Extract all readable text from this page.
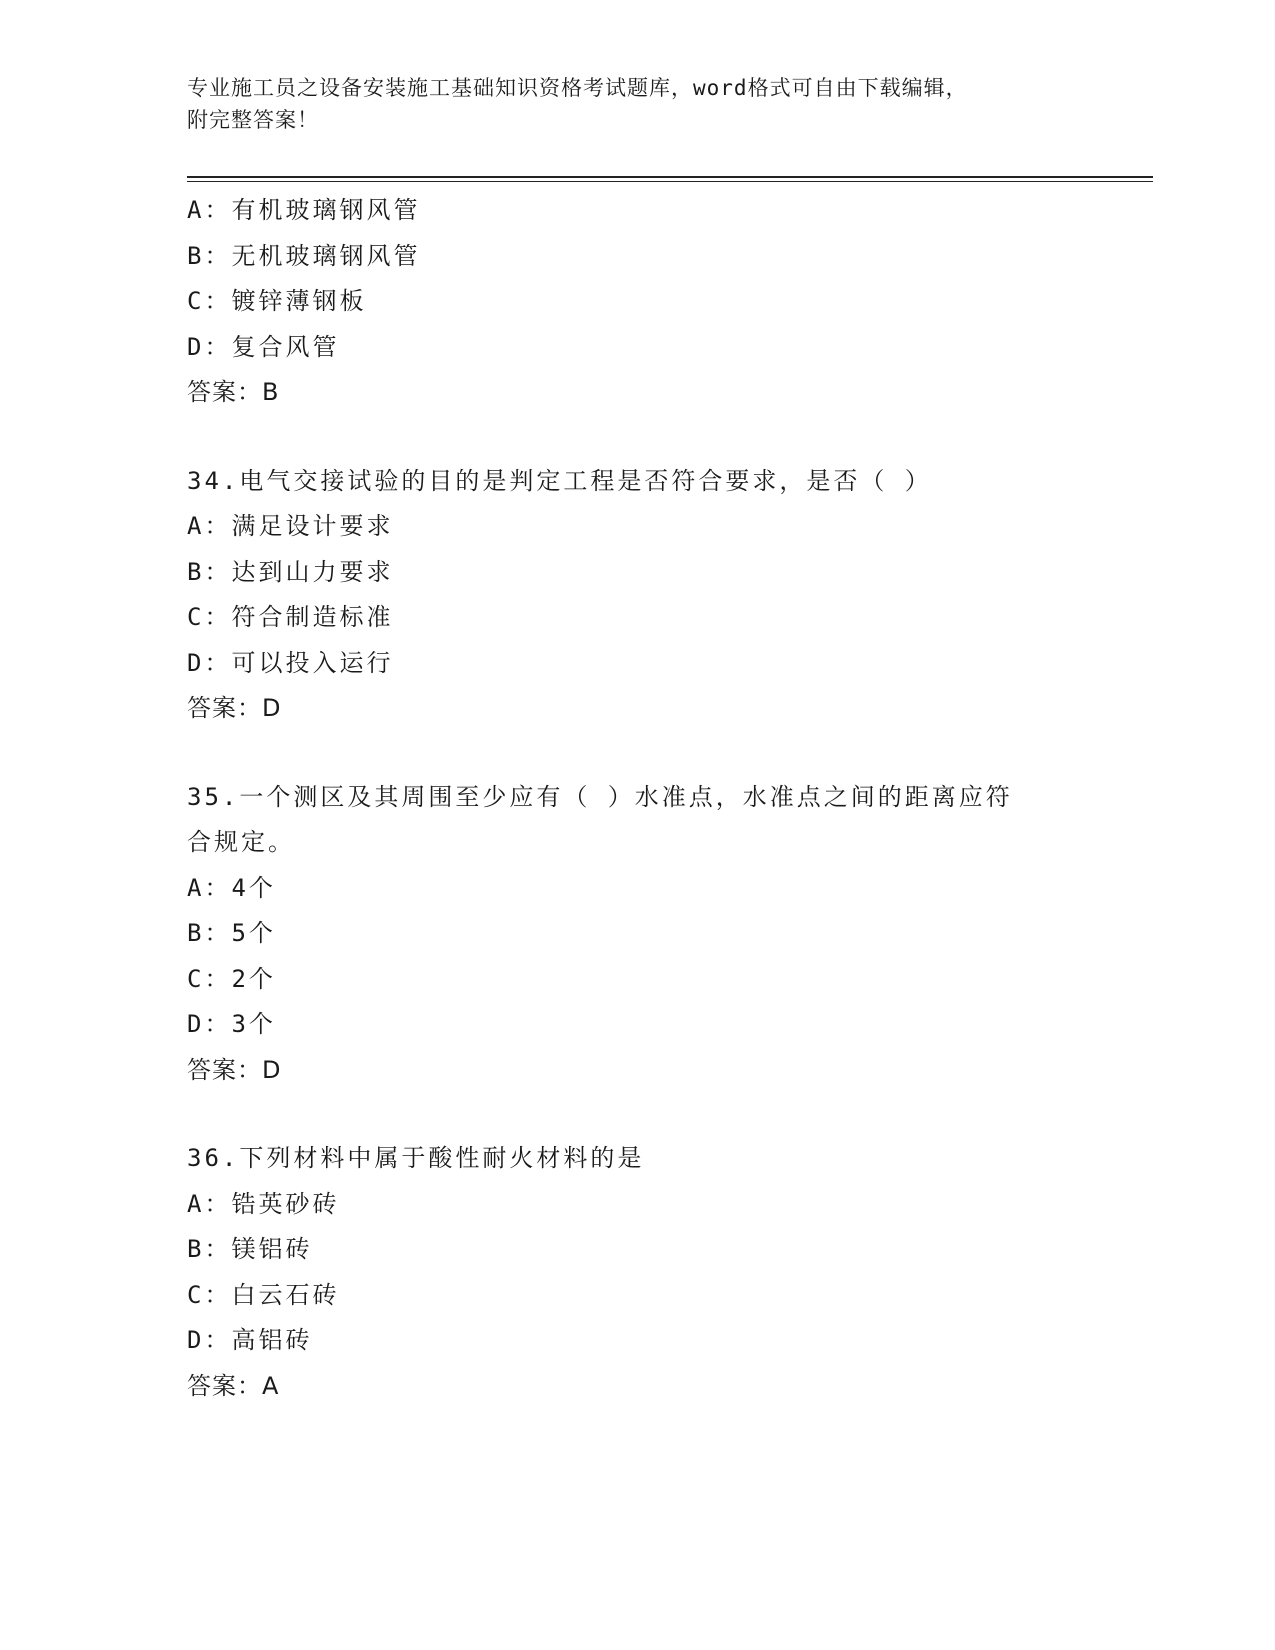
专业施工员之设备安装施工基础知识资格考试题库，word格式可自由下载编辑，
附完整答案！
A：有机玻璃钢风管
B：无机玻璃钢风管
C：镀锌薄钢板
D：复合风管
答案：B
34.电气交接试验的目的是判定工程是否符合要求，是否（ ）
A：满足设计要求
B：达到山力要求
C：符合制造标准
D：可以投入运行
答案：D
35.一个测区及其周围至少应有（ ）水准点，水准点之间的距离应符
合规定。
A：4个
B：5个
C：2个
D：3个
答案：D
36.下列材料中属于酸性耐火材料的是
A：锆英砂砖
B：镁铝砖
C：白云石砖
D：高铝砖
答案：A
